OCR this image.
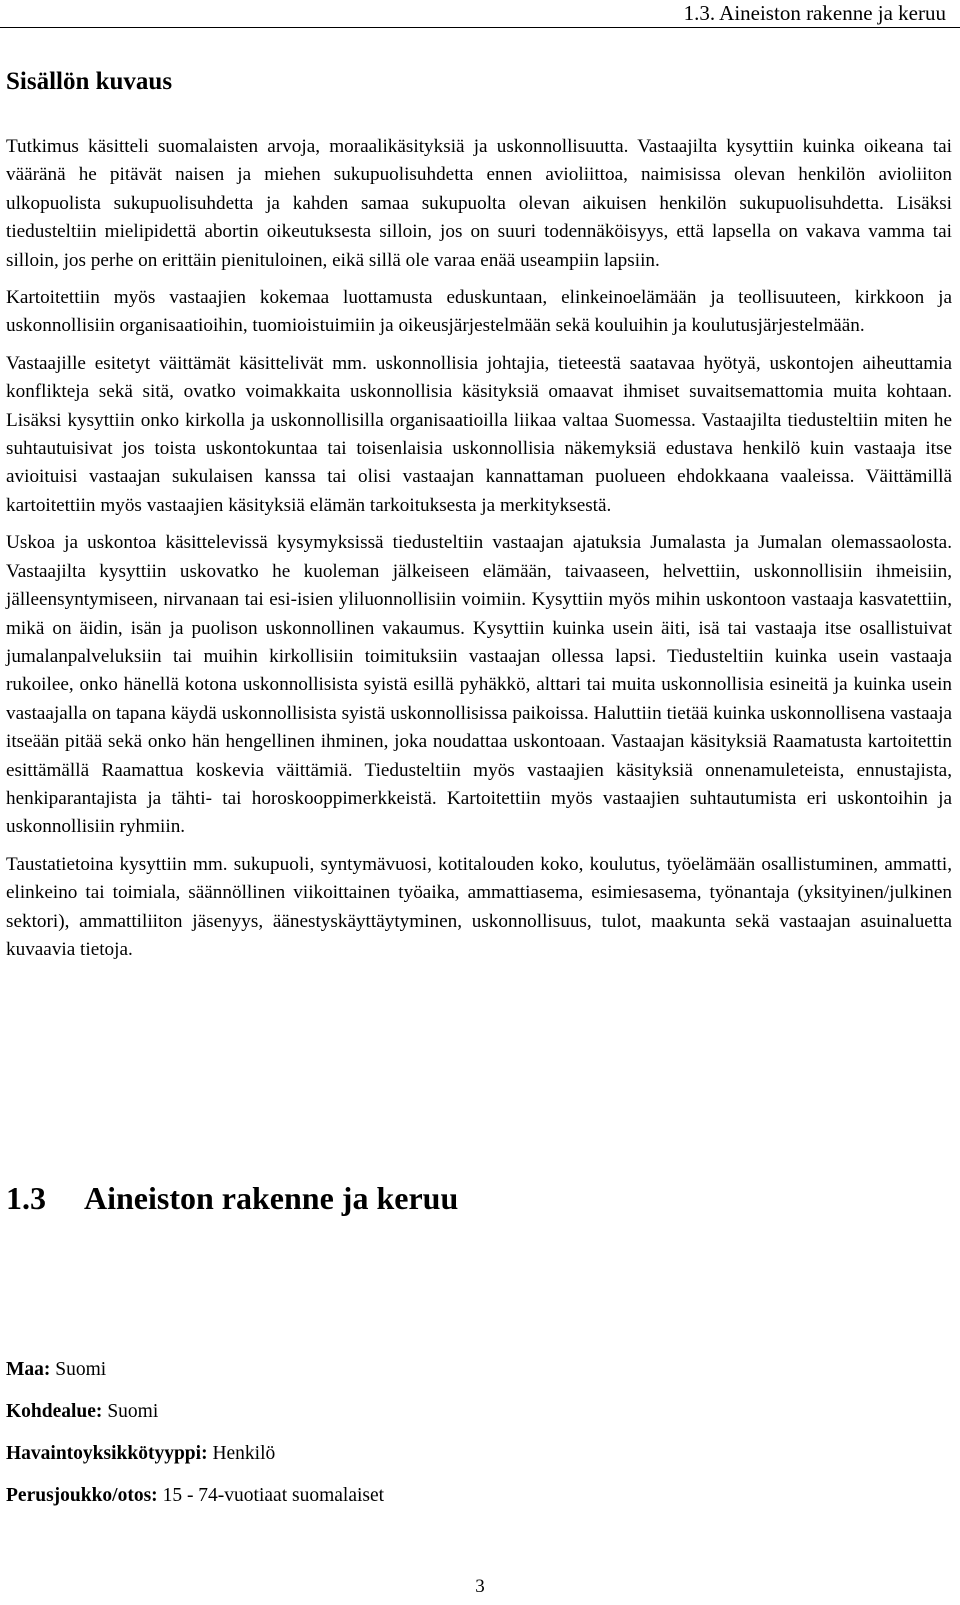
1.3. Aineiston rakenne ja keruu
Sisällön kuvaus

Tutkimus käsitteli suomalaisten arvoja, moraalikäsityksiä ja uskonnollisuutta. Vastaajilta kysyttiin kuinka oikeana tai vääränä he pitävät naisen ja miehen sukupuolisuhdetta ennen avioliittoa, naimisissa olevan henkilön avioliiton ulkopuolista sukupuolisuhdetta ja kahden samaa sukupuolta olevan aikuisen henkilön sukupuolisuhdetta. Lisäksi tiedusteltiin mielipidettä abortin oikeutuksesta silloin, jos on suuri todennäköisyys, että lapsella on vakava vamma tai silloin, jos perhe on erittäin pienituloinen, eikä sillä ole varaa enää useampiin lapsiin.

Kartoitettiin myös vastaajien kokemaa luottamusta eduskuntaan, elinkeinoelämään ja teollisuuteen, kirkkoon ja uskonnollisiin organisaatioihin, tuomioistuimiin ja oikeusjärjestelmään sekä kouluihin ja koulutusjärjestelmään.

Vastaajille esitetyt väittämät käsittelivät mm. uskonnollisia johtajia, tieteestä saatavaa hyötyä, uskontojen aiheuttamia konflikteja sekä sitä, ovatko voimakkaita uskonnollisia käsityksiä omaavat ihmiset suvaitsemattomia muita kohtaan. Lisäksi kysyttiin onko kirkolla ja uskonnollisilla organisaatioilla liikaa valtaa Suomessa. Vastaajilta tiedusteltiin miten he suhtautuisivat jos toista uskontokuntaa tai toisenlaisia uskonnollisia näkemyksiä edustava henkilö kuin vastaaja itse avioituisi vastaajan sukulaisen kanssa tai olisi vastaajan kannattaman puolueen ehdokkaana vaaleissa. Väittämillä kartoitettiin myös vastaajien käsityksiä elämän tarkoituksesta ja merkityksestä.

Uskoa ja uskontoa käsittelevissä kysymyksissä tiedusteltiin vastaajan ajatuksia Jumalasta ja Jumalan olemassaolosta. Vastaajilta kysyttiin uskovatko he kuoleman jälkeiseen elämään, taivaaseen, helvettiin, uskonnollisiin ihmeisiin, jälleensyntymiseen, nirvanaan tai esi-isien yliluonnollisiin voimiin. Kysyttiin myös mihin uskontoon vastaaja kasvatettiin, mikä on äidin, isän ja puolison uskonnollinen vakaumus. Kysyttiin kuinka usein äiti, isä tai vastaaja itse osallistuivat jumalanpalveluksiin tai muihin kirkollisiin toimituksiin vastaajan ollessa lapsi. Tiedusteltiin kuinka usein vastaaja rukoilee, onko hänellä kotona uskonnollisista syistä esillä pyhäkkö, alttari tai muita uskonnollisia esineitä ja kuinka usein vastaajalla on tapana käydä uskonnollisista syistä uskonnollisissa paikoissa. Haluttiin tietää kuinka uskonnollisena vastaaja itseään pitää sekä onko hän hengellinen ihminen, joka noudattaa uskontoaan. Vastaajan käsityksiä Raamatusta kartoitettin esittämällä Raamattua koskevia väittämiä. Tiedusteltiin myös vastaajien käsityksiä onnenamuleteista, ennustajista, henkiparantajista ja tähti- tai horoskooppimerkkeistä. Kartoitettiin myös vastaajien suhtautumista eri uskontoihin ja uskonnollisiin ryhmiin.

Taustatietoina kysyttiin mm. sukupuoli, syntymävuosi, kotitalouden koko, koulutus, työelämään osallistuminen, ammatti, elinkeino tai toimiala, säännöllinen viikoittainen työaika, ammattiasema, esimiesasema, työnantaja (yksityinen/julkinen sektori), ammattiliiton jäsenyys, äänestyskäyttäytyminen, uskonnollisuus, tulot, maakunta sekä vastaajan asuinaluetta kuvaavia tietoja.

1.3 Aineiston rakenne ja keruu
Maa: Suomi
Kohdealue: Suomi
Havaintoyksikkötyyppi: Henkilö
Perusjoukko/otos: 15 - 74-vuotiaat suomalaiset
3
